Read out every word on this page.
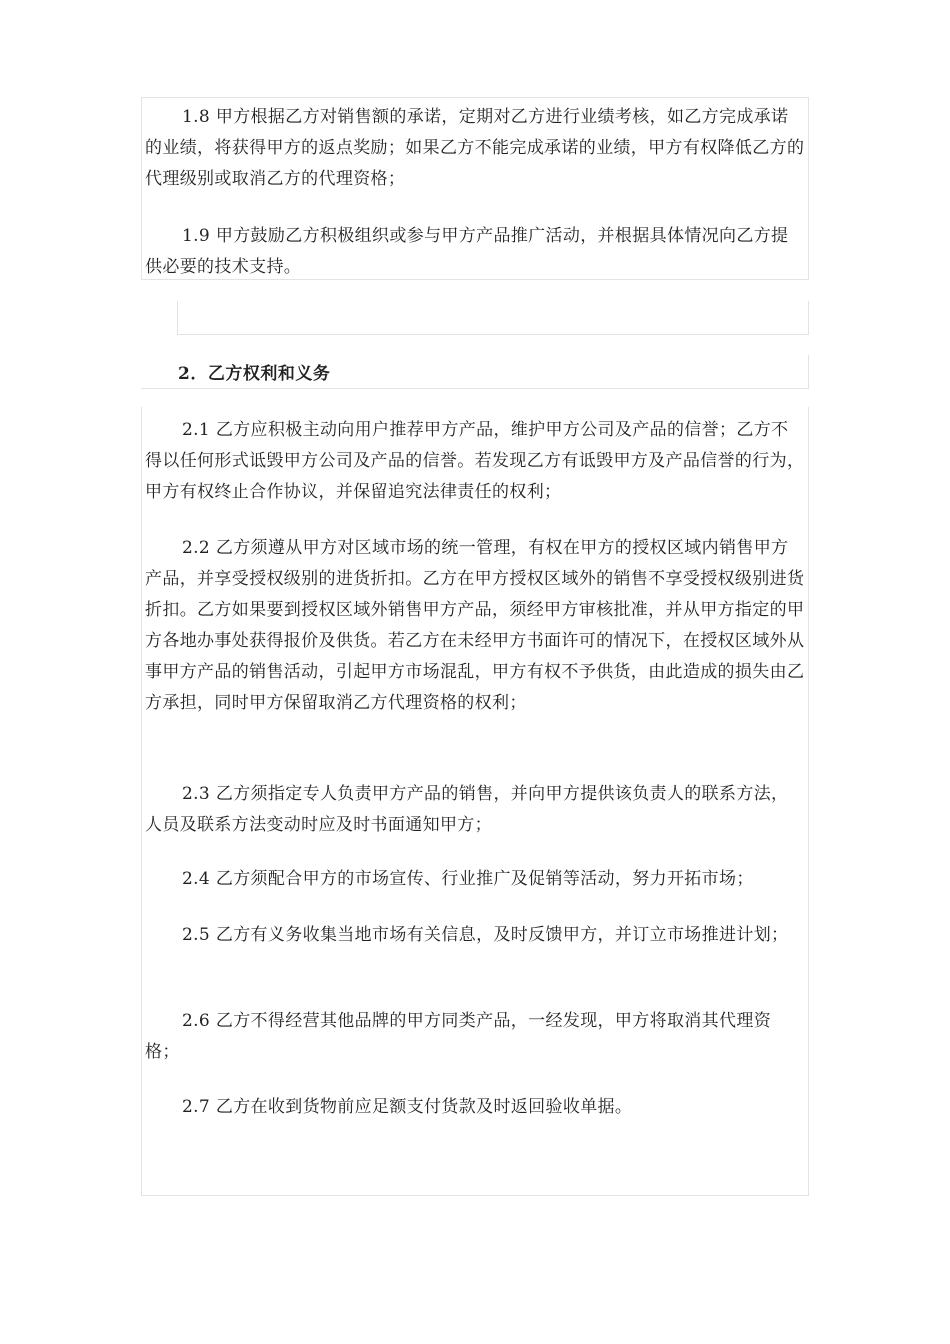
1.8 甲方根据乙方对销售额的承诺，定期对乙方进行业绩考核，如乙方完成承诺的业绩，将获得甲方的返点奖励；如果乙方不能完成承诺的业绩，甲方有权降低乙方的代理级别或取消乙方的代理资格；

1.9 甲方鼓励乙方积极组织或参与甲方产品推广活动，并根据具体情况向乙方提供必要的技术支持。

2．乙方权利和义务

2.1 乙方应积极主动向用户推荐甲方产品，维护甲方公司及产品的信誉；乙方不得以任何形式诋毁甲方公司及产品的信誉。若发现乙方有诋毁甲方及产品信誉的行为，甲方有权终止合作协议，并保留追究法律责任的权利；

2.2 乙方须遵从甲方对区域市场的统一管理，有权在甲方的授权区域内销售甲方产品，并享受授权级别的进货折扣。乙方在甲方授权区域外的销售不享受授权级别进货折扣。乙方如果要到授权区域外销售甲方产品，须经甲方审核批准，并从甲方指定的甲方各地办事处获得报价及供货。若乙方在未经甲方书面许可的情况下，在授权区域外从事甲方产品的销售活动，引起甲方市场混乱，甲方有权不予供货，由此造成的损失由乙方承担，同时甲方保留取消乙方代理资格的权利；

2.3 乙方须指定专人负责甲方产品的销售，并向甲方提供该负责人的联系方法，人员及联系方法变动时应及时书面通知甲方；

2.4 乙方须配合甲方的市场宣传、行业推广及促销等活动，努力开拓市场；

2.5 乙方有义务收集当地市场有关信息，及时反馈甲方，并订立市场推进计划；

2.6 乙方不得经营其他品牌的甲方同类产品，一经发现，甲方将取消其代理资格；

2.7 乙方在收到货物前应足额支付货款及时返回验收单据。
